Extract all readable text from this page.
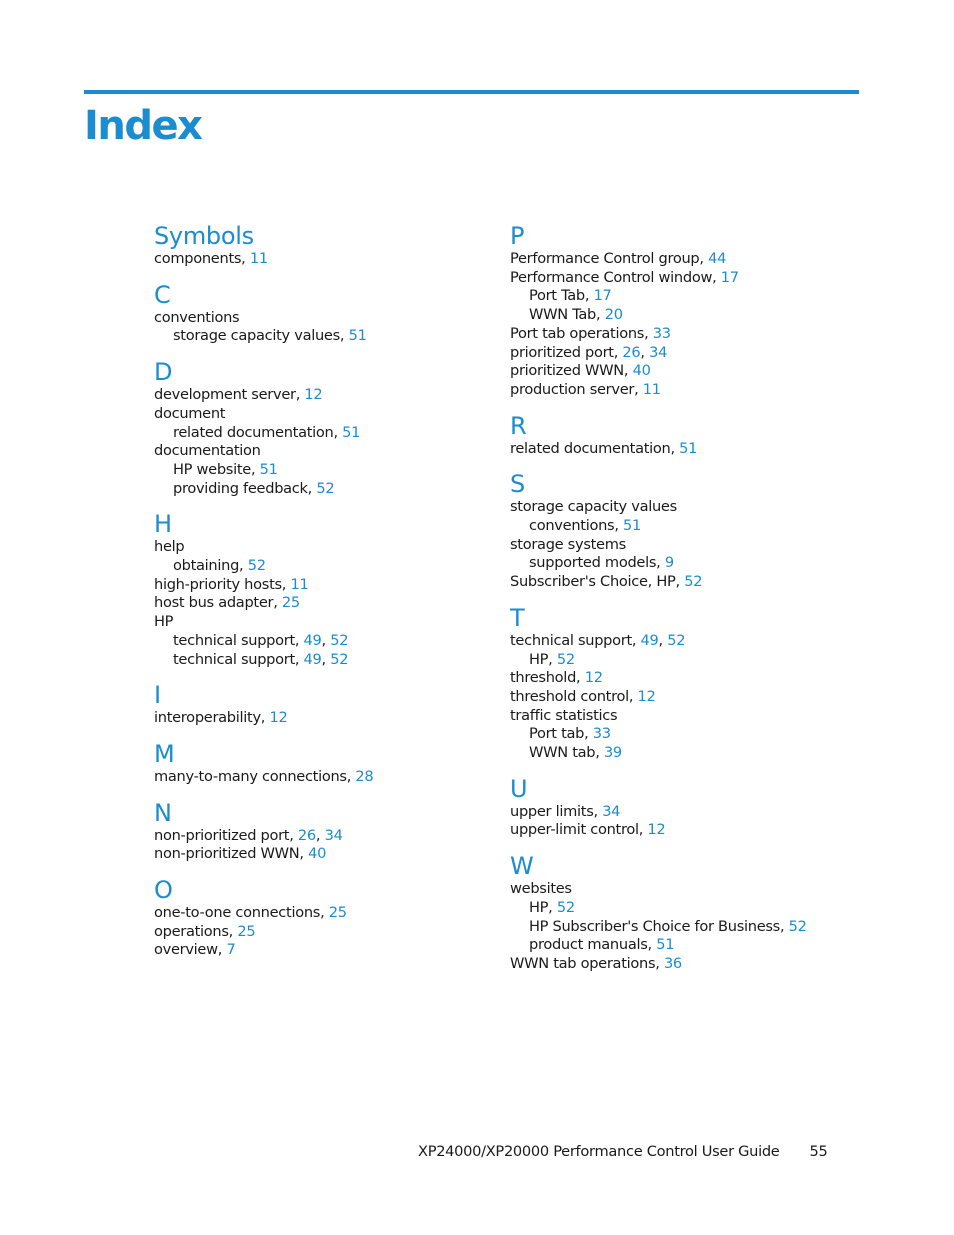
Index
Symbols
components, 11
C
conventions
storage capacity values, 51
D
development server, 12
document
related documentation, 51
documentation
HP website, 51
providing feedback, 52
H
help
obtaining, 52
high-priority hosts, 11
host bus adapter, 25
HP
technical support, 49, 52
technical support, 49, 52
I
interoperability, 12
M
many-to-many connections, 28
N
non-prioritized port, 26, 34
non-prioritized WWN, 40
O
one-to-one connections, 25
operations, 25
overview, 7
P
Performance Control group, 44
Performance Control window, 17
Port Tab, 17
WWN Tab, 20
Port tab operations, 33
prioritized port, 26, 34
prioritized WWN, 40
production server, 11
R
related documentation, 51
S
storage capacity values
conventions, 51
storage systems
supported models, 9
Subscriber's Choice, HP, 52
T
technical support, 49, 52
HP, 52
threshold, 12
threshold control, 12
traffic statistics
Port tab, 33
WWN tab, 39
U
upper limits, 34
upper-limit control, 12
W
websites
HP, 52
HP Subscriber's Choice for Business, 52
product manuals, 51
WWN tab operations, 36
XP24000/XP20000 Performance Control User Guide 55
